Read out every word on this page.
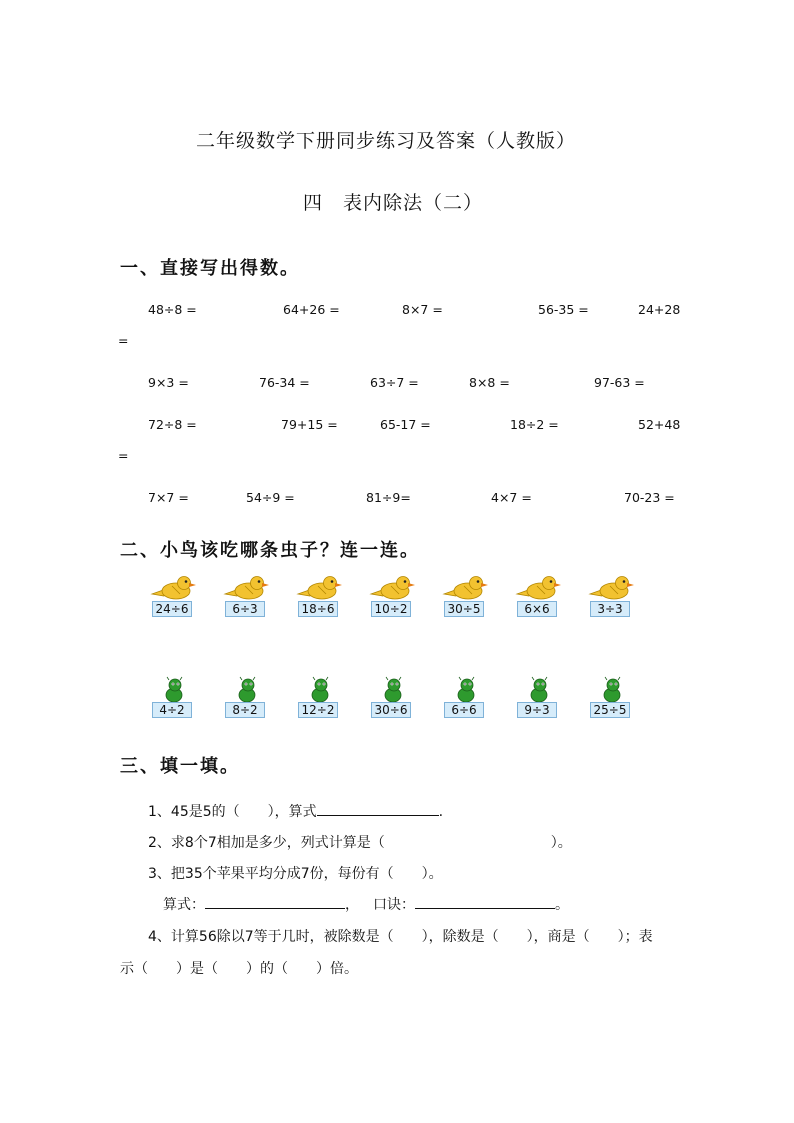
二年级数学下册同步练习及答案（人教版）
四　表内除法（二）
一、直接写出得数。
48÷8 =	64+26 =	8×7 =	56-35 =	24+28
=
9×3 =	76-34 =	63÷7 =	8×8 =	97-63 =
72÷8 =	79+15 =	65-17 =	18÷2 =	52+48
=
7×7 =	54÷9 =	81÷9=	4×7 =	70-23 =
二、小鸟该吃哪条虫子？连一连。
24÷6	6÷3	18÷6	10÷2	30÷5	6×6	3÷3
4÷2	8÷2	12÷2	30÷6	6÷6	9÷3	25÷5
三、填一填。
1、45是5的（　　），算式	.
2、求8个7相加是多少，列式计算是（	）。
3、把35个苹果平均分成7份，每份有（　　）。
算式：	， 口诀：	。
4、计算56除以7等于几时，被除数是（　　），除数是（　　），商是（　　）；表
示（　　）是（　　）的（　　）倍。
